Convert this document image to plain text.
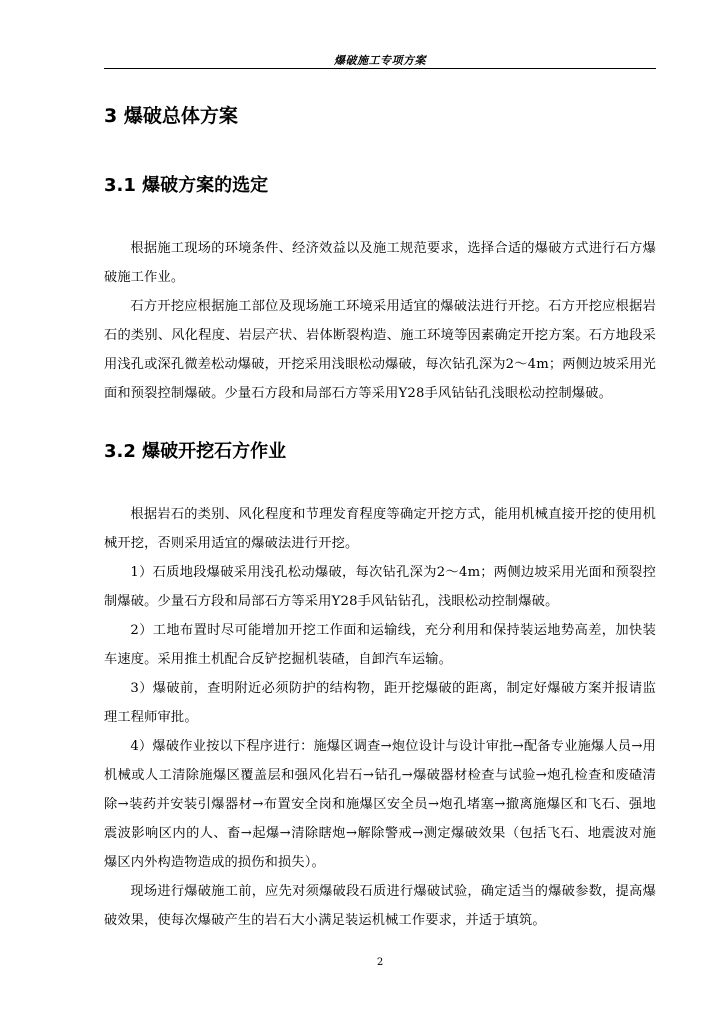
爆破施工专项方案
3 爆破总体方案
3.1 爆破方案的选定

根据施工现场的环境条件、经济效益以及施工规范要求，选择合适的爆破方式进行石方爆破施工作业。

石方开挖应根据施工部位及现场施工环境采用适宜的爆破法进行开挖。石方开挖应根据岩石的类别、风化程度、岩层产状、岩体断裂构造、施工环境等因素确定开挖方案。石方地段采用浅孔或深孔微差松动爆破，开挖采用浅眼松动爆破，每次钻孔深为2～4m；两侧边坡采用光面和预裂控制爆破。少量石方段和局部石方等采用Y28手风钻钻孔浅眼松动控制爆破。

3.2 爆破开挖石方作业

根据岩石的类别、风化程度和节理发育程度等确定开挖方式，能用机械直接开挖的使用机械开挖，否则采用适宜的爆破法进行开挖。

1）石质地段爆破采用浅孔松动爆破，每次钻孔深为2～4m；两侧边坡采用光面和预裂控制爆破。少量石方段和局部石方等采用Y28手风钻钻孔，浅眼松动控制爆破。

2）工地布置时尽可能增加开挖工作面和运输线，充分利用和保持装运地势高差，加快装车速度。采用推土机配合反铲挖掘机装碴，自卸汽车运输。

3）爆破前，查明附近必须防护的结构物，距开挖爆破的距离，制定好爆破方案并报请监理工程师审批。

4）爆破作业按以下程序进行：施爆区调查→炮位设计与设计审批→配备专业施爆人员→用机械或人工清除施爆区覆盖层和强风化岩石→钻孔→爆破器材检查与试验→炮孔检查和废碴清除→装药并安装引爆器材→布置安全岗和施爆区安全员→炮孔堵塞→撤离施爆区和飞石、强地震波影响区内的人、畜→起爆→清除瞎炮→解除警戒→测定爆破效果（包括飞石、地震波对施爆区内外构造物造成的损伤和损失）。

现场进行爆破施工前，应先对须爆破段石质进行爆破试验，确定适当的爆破参数，提高爆破效果，使每次爆破产生的岩石大小满足装运机械工作要求，并适于填筑。

2
